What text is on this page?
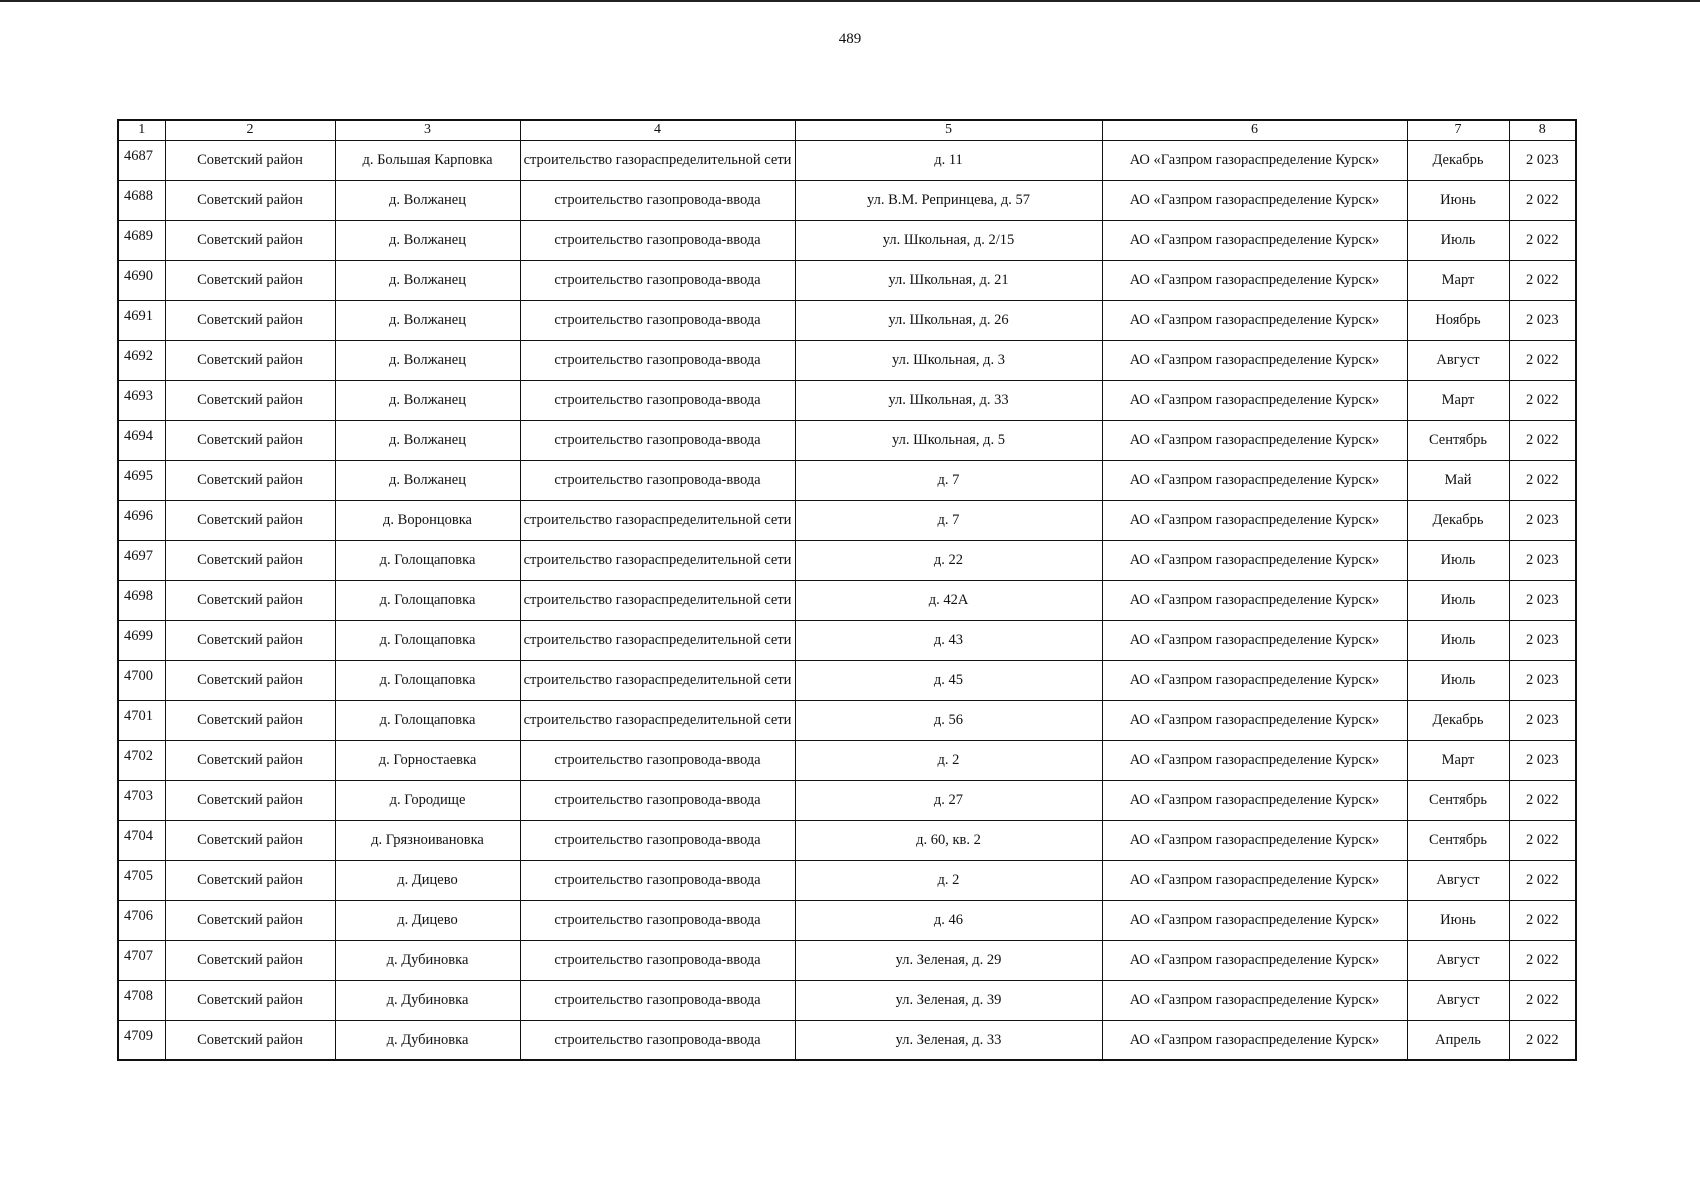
489
1	2	3	4	5	6	7	8
4687	Советский район	д. Большая Карповка	строительство газораспределительной сети	д. 11	АО «Газпром газораспределение Курск»	Декабрь	2 023
4688	Советский район	д. Волжанец	строительство газопровода-ввода	ул. В.М. Репринцева, д. 57	АО «Газпром газораспределение Курск»	Июнь	2 022
4689	Советский район	д. Волжанец	строительство газопровода-ввода	ул. Школьная, д. 2/15	АО «Газпром газораспределение Курск»	Июль	2 022
4690	Советский район	д. Волжанец	строительство газопровода-ввода	ул. Школьная, д. 21	АО «Газпром газораспределение Курск»	Март	2 022
4691	Советский район	д. Волжанец	строительство газопровода-ввода	ул. Школьная, д. 26	АО «Газпром газораспределение Курск»	Ноябрь	2 023
4692	Советский район	д. Волжанец	строительство газопровода-ввода	ул. Школьная, д. 3	АО «Газпром газораспределение Курск»	Август	2 022
4693	Советский район	д. Волжанец	строительство газопровода-ввода	ул. Школьная, д. 33	АО «Газпром газораспределение Курск»	Март	2 022
4694	Советский район	д. Волжанец	строительство газопровода-ввода	ул. Школьная, д. 5	АО «Газпром газораспределение Курск»	Сентябрь	2 022
4695	Советский район	д. Волжанец	строительство газопровода-ввода	д. 7	АО «Газпром газораспределение Курск»	Май	2 022
4696	Советский район	д. Воронцовка	строительство газораспределительной сети	д. 7	АО «Газпром газораспределение Курск»	Декабрь	2 023
4697	Советский район	д. Голощаповка	строительство газораспределительной сети	д. 22	АО «Газпром газораспределение Курск»	Июль	2 023
4698	Советский район	д. Голощаповка	строительство газораспределительной сети	д. 42А	АО «Газпром газораспределение Курск»	Июль	2 023
4699	Советский район	д. Голощаповка	строительство газораспределительной сети	д. 43	АО «Газпром газораспределение Курск»	Июль	2 023
4700	Советский район	д. Голощаповка	строительство газораспределительной сети	д. 45	АО «Газпром газораспределение Курск»	Июль	2 023
4701	Советский район	д. Голощаповка	строительство газораспределительной сети	д. 56	АО «Газпром газораспределение Курск»	Декабрь	2 023
4702	Советский район	д. Горностаевка	строительство газопровода-ввода	д. 2	АО «Газпром газораспределение Курск»	Март	2 023
4703	Советский район	д. Городище	строительство газопровода-ввода	д. 27	АО «Газпром газораспределение Курск»	Сентябрь	2 022
4704	Советский район	д. Грязноивановка	строительство газопровода-ввода	д. 60, кв. 2	АО «Газпром газораспределение Курск»	Сентябрь	2 022
4705	Советский район	д. Дицево	строительство газопровода-ввода	д. 2	АО «Газпром газораспределение Курск»	Август	2 022
4706	Советский район	д. Дицево	строительство газопровода-ввода	д. 46	АО «Газпром газораспределение Курск»	Июнь	2 022
4707	Советский район	д. Дубиновка	строительство газопровода-ввода	ул. Зеленая, д. 29	АО «Газпром газораспределение Курск»	Август	2 022
4708	Советский район	д. Дубиновка	строительство газопровода-ввода	ул. Зеленая, д. 39	АО «Газпром газораспределение Курск»	Август	2 022
4709	Советский район	д. Дубиновка	строительство газопровода-ввода	ул. Зеленая, д. 33	АО «Газпром газораспределение Курск»	Апрель	2 022
